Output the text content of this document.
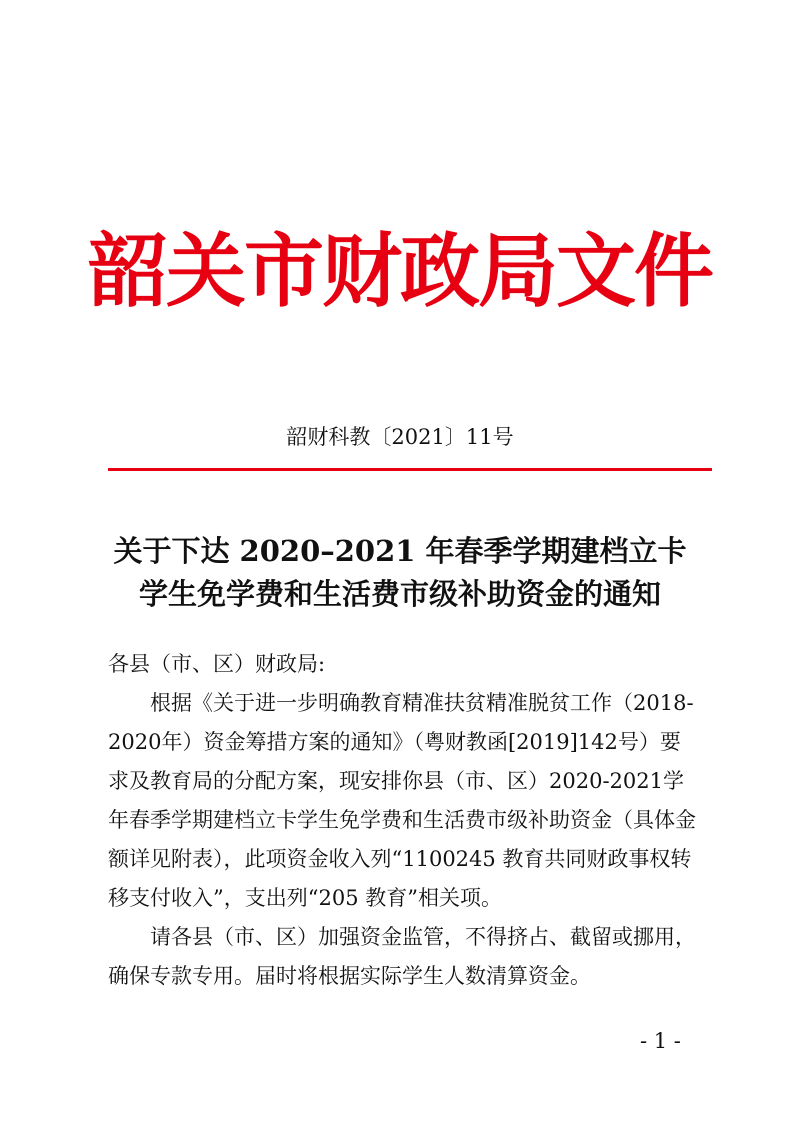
韶关市财政局文件
韶财科教〔2021〕11号
关于下达 2020–2021 年春季学期建档立卡
学生免学费和生活费市级补助资金的通知

各县（市、区）财政局:

根据《关于进一步明确教育精准扶贫精准脱贫工作（2018-2020年）资金筹措方案的通知》（粤财教函[2019]142号）要求及教育局的分配方案，现安排你县（市、区）2020-2021学年春季学期建档立卡学生免学费和生活费市级补助资金（具体金额详见附表），此项资金收入列“1100245 教育共同财政事权转移支付收入”，支出列“205 教育”相关项。

请各县（市、区）加强资金监管，不得挤占、截留或挪用，确保专款专用。届时将根据实际学生人数清算资金。

- 1 -
